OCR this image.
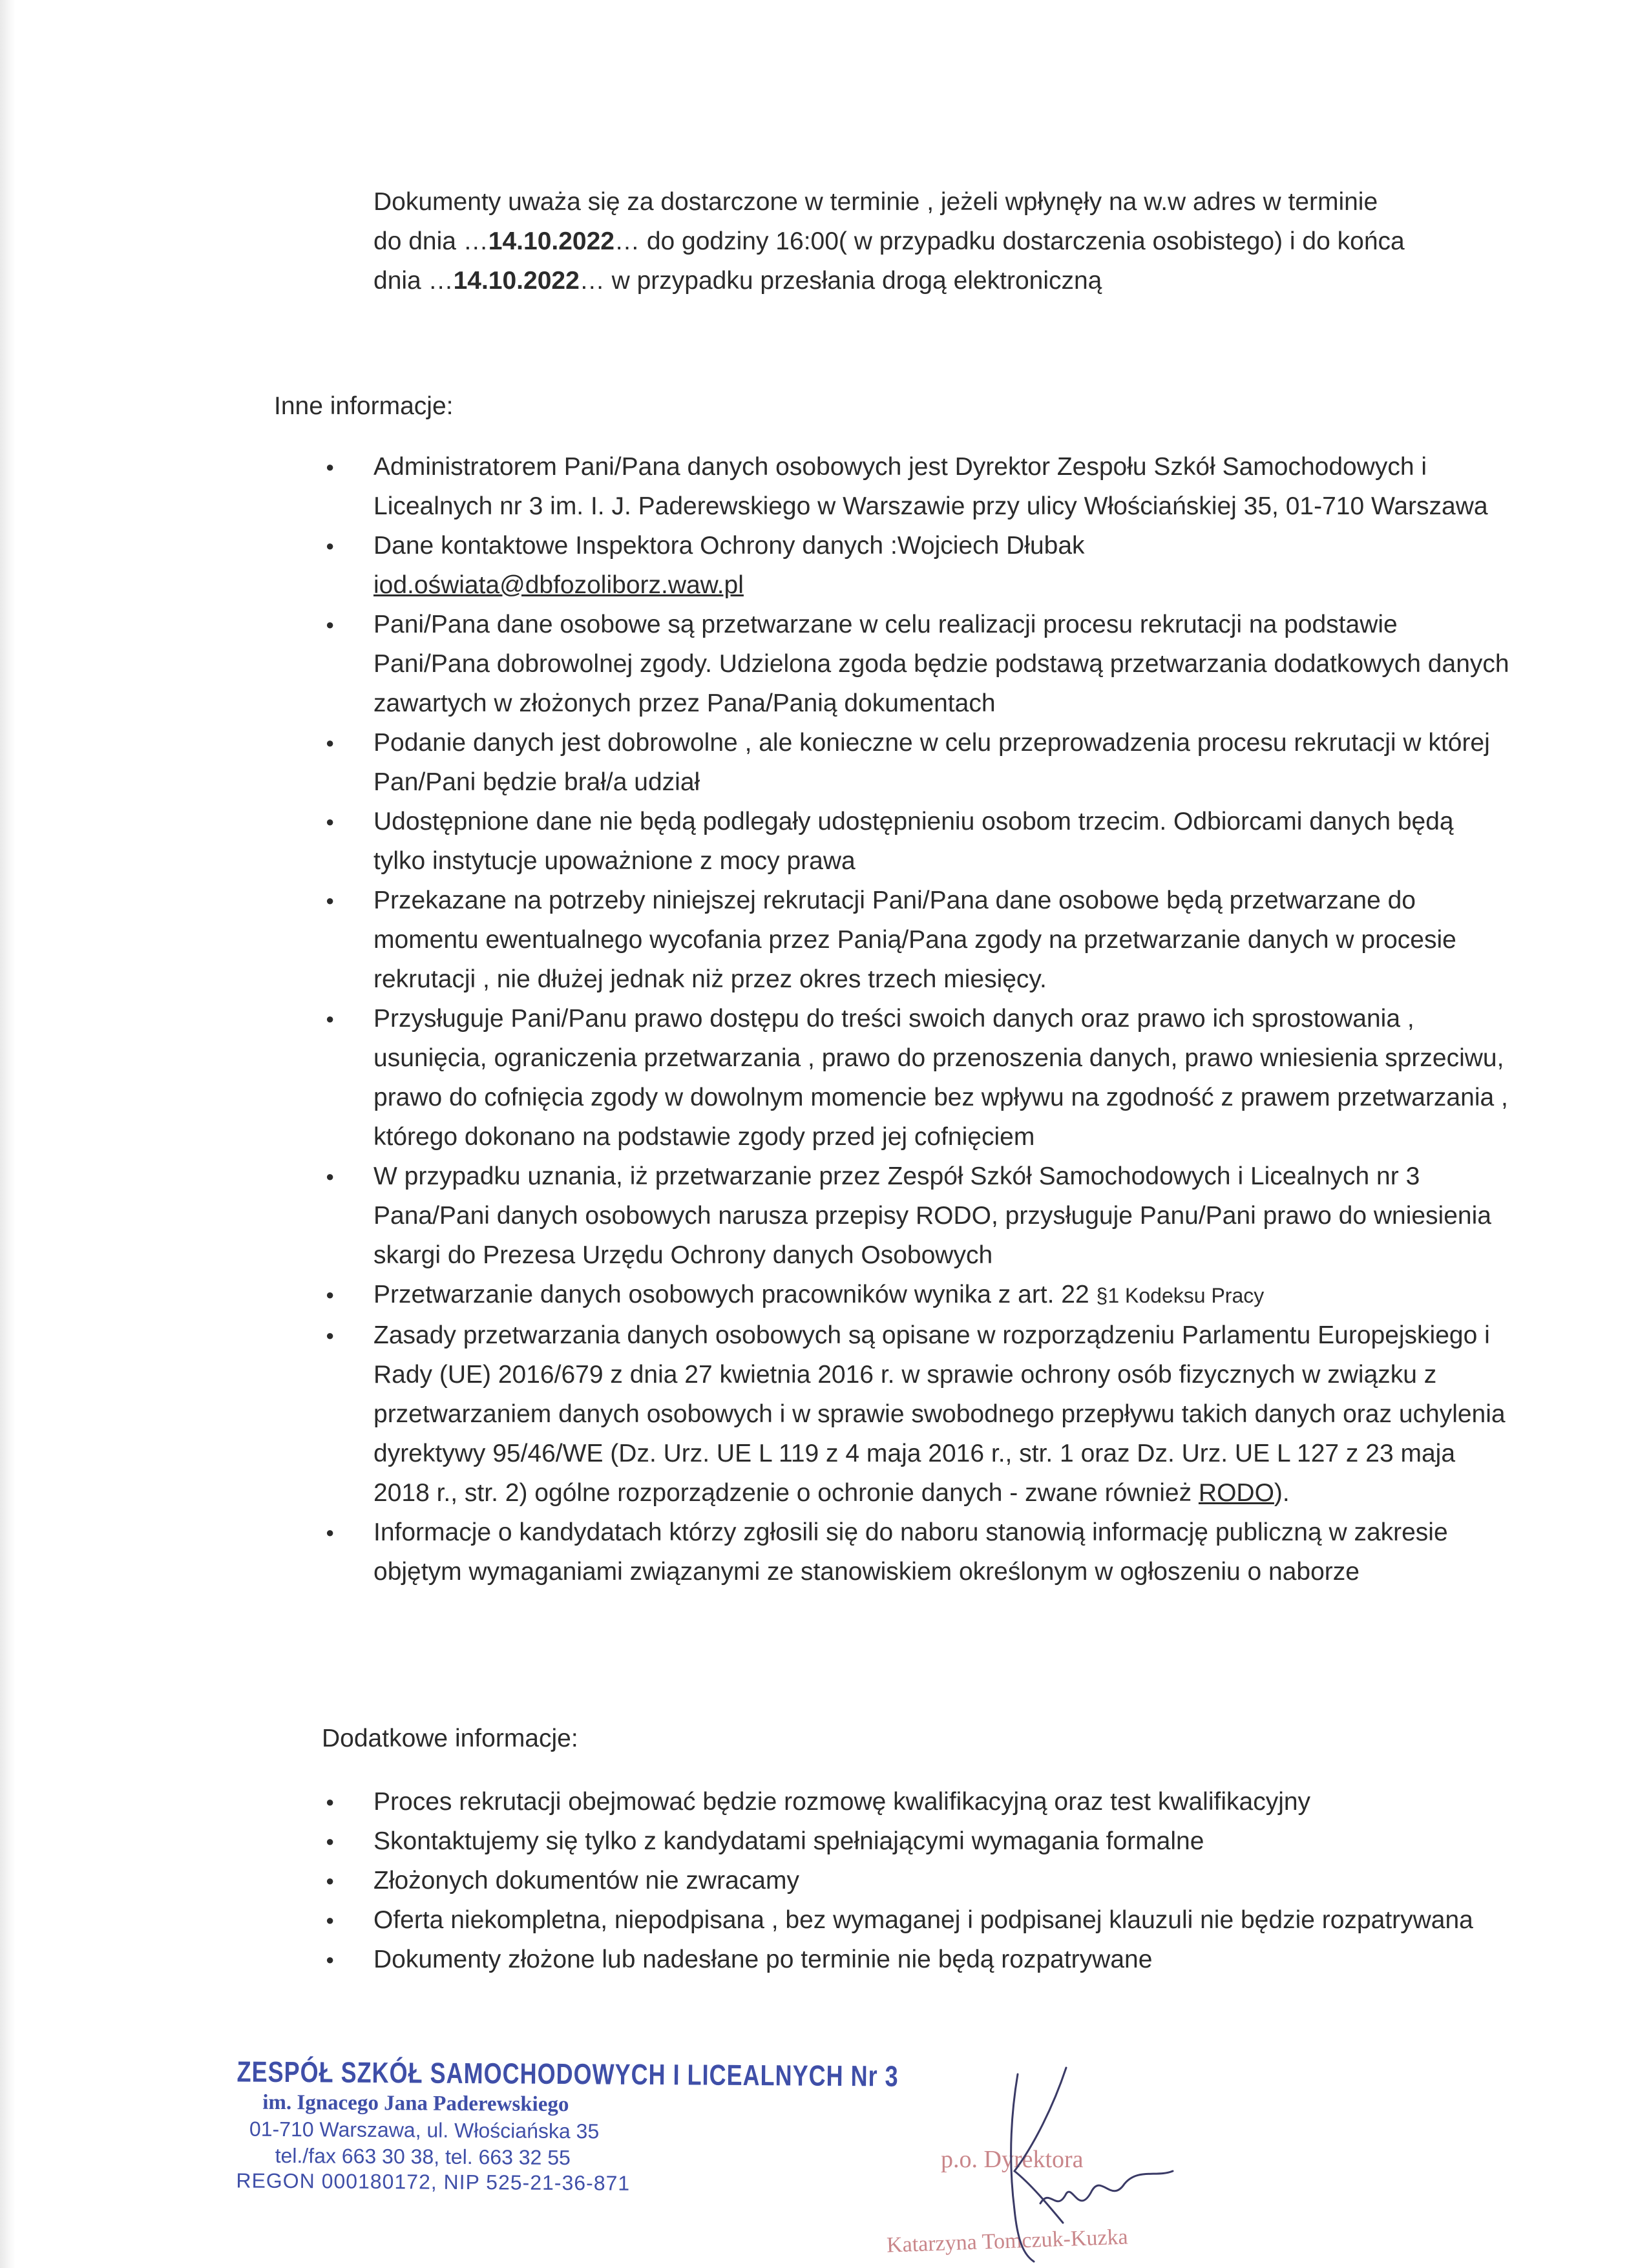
Dokumenty uważa się za dostarczone w terminie , jeżeli wpłynęły na w.w adres w terminie

do dnia …14.10.2022… do godziny 16:00( w przypadku dostarczenia osobistego) i do końca

dnia …14.10.2022… w przypadku przesłania drogą elektroniczną

Inne informacje:
● Administratorem Pani/Pana danych osobowych jest Dyrektor Zespołu Szkół Samochodowych i Licealnych nr 3 im. I. J. Paderewskiego w Warszawie przy ulicy Włościańskiej 35, 01-710 Warszawa
● Dane kontaktowe Inspektora Ochrony danych :Wojciech Dłubak
iod.oświata@dbfozoliborz.waw.pl
● Pani/Pana dane osobowe są przetwarzane w celu realizacji procesu rekrutacji na podstawie Pani/Pana dobrowolnej zgody. Udzielona zgoda będzie podstawą przetwarzania dodatkowych danych zawartych w złożonych przez Pana/Panią dokumentach
● Podanie danych jest dobrowolne , ale konieczne w celu przeprowadzenia procesu rekrutacji w której Pan/Pani będzie brał/a udział
● Udostępnione dane nie będą podlegały udostępnieniu osobom trzecim. Odbiorcami danych będą tylko instytucje upoważnione z mocy prawa
● Przekazane na potrzeby niniejszej rekrutacji Pani/Pana dane osobowe będą przetwarzane do momentu ewentualnego wycofania przez Panią/Pana zgody na przetwarzanie danych w procesie rekrutacji , nie dłużej jednak niż przez okres trzech miesięcy.
● Przysługuje Pani/Panu prawo dostępu do treści swoich danych oraz prawo ich sprostowania , usunięcia, ograniczenia przetwarzania , prawo do przenoszenia danych, prawo wniesienia sprzeciwu, prawo do cofnięcia zgody w dowolnym momencie bez wpływu na zgodność z prawem przetwarzania , którego dokonano na podstawie zgody przed jej cofnięciem
● W przypadku uznania, iż przetwarzanie przez Zespół Szkół Samochodowych i Licealnych nr 3 Pana/Pani danych osobowych narusza przepisy RODO, przysługuje Panu/Pani prawo do wniesienia skargi do Prezesa Urzędu Ochrony danych Osobowych
● Przetwarzanie danych osobowych pracowników wynika z art. 22 §1 Kodeksu Pracy
● Zasady przetwarzania danych osobowych są opisane w rozporządzeniu Parlamentu Europejskiego i Rady (UE) 2016/679 z dnia 27 kwietnia 2016 r. w sprawie ochrony osób fizycznych w związku z przetwarzaniem danych osobowych i w sprawie swobodnego przepływu takich danych oraz uchylenia dyrektywy 95/46/WE (Dz. Urz. UE L 119 z 4 maja 2016 r., str. 1 oraz Dz. Urz. UE L 127 z 23 maja 2018 r., str. 2) ogólne rozporządzenie o ochronie danych - zwane również RODO).
● Informacje o kandydatach którzy zgłosili się do naboru stanowią informację publiczną w zakresie objętym wymaganiami związanymi ze stanowiskiem określonym w ogłoszeniu o naborze
Dodatkowe informacje:
● Proces rekrutacji obejmować będzie rozmowę kwalifikacyjną oraz test kwalifikacyjny
● Skontaktujemy się tylko z kandydatami spełniającymi wymagania formalne
● Złożonych dokumentów nie zwracamy
● Oferta niekompletna, niepodpisana , bez wymaganej i podpisanej klauzuli nie będzie rozpatrywana
● Dokumenty złożone lub nadesłane po terminie nie będą rozpatrywane
ZESPÓŁ SZKÓŁ SAMOCHODOWYCH I LICEALNYCH Nr 3
im. Ignacego Jana Paderewskiego
01-710 Warszawa, ul. Włościańska 35
tel./fax 663 30 38, tel. 663 32 55
REGON 000180172, NIP 525-21-36-871
p.o. Dyrektora
Katarzyna Tomczuk-Kuzka
